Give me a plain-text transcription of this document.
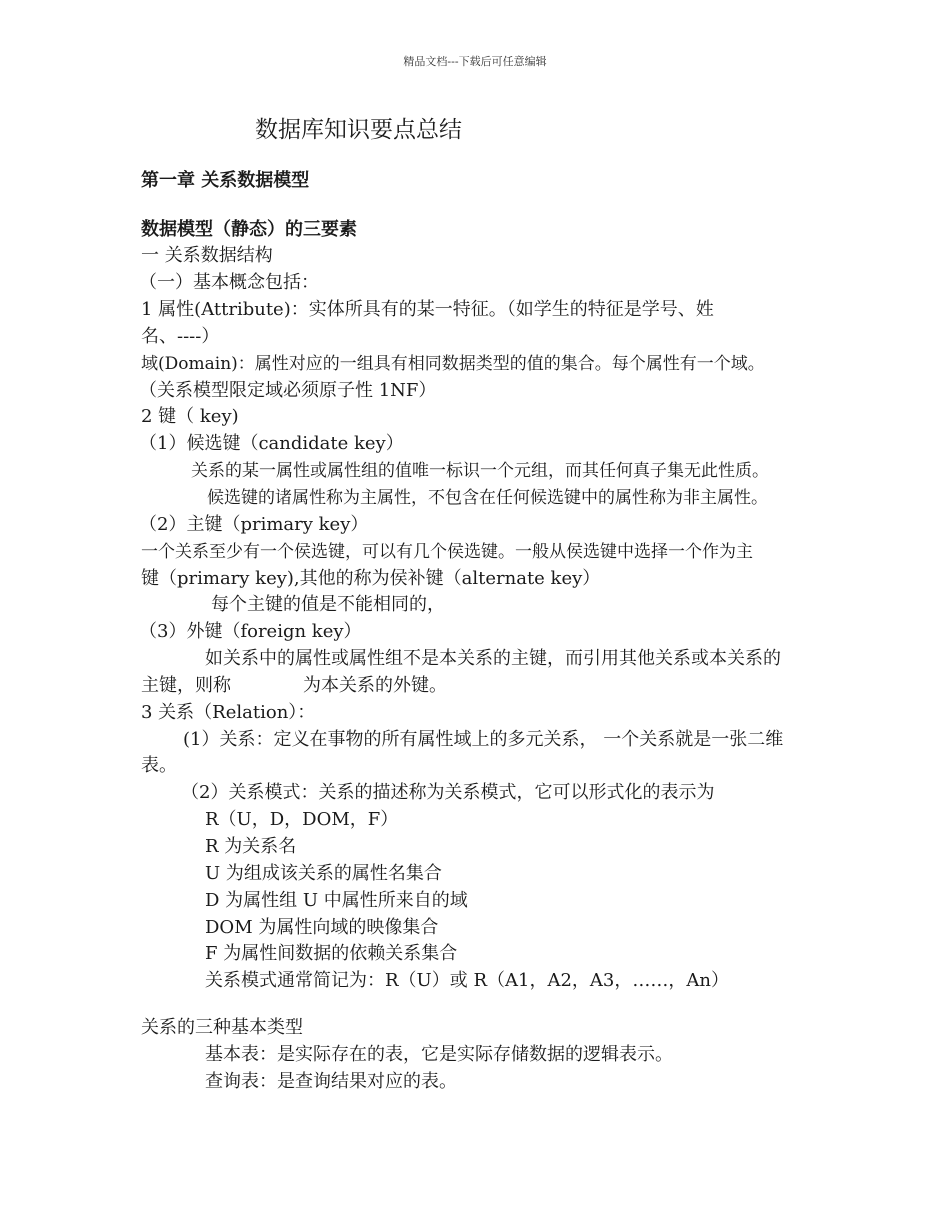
精品文档---下载后可任意编辑
数据库知识要点总结
第一章 关系数据模型
数据模型（静态）的三要素
一 关系数据结构
（一）基本概念包括：
1 属性(Attribute)：实体所具有的某一特征。（如学生的特征是学号、姓
名、----）
域(Domain)：属性对应的一组具有相同数据类型的值的集合。每个属性有一个域。
（关系模型限定域必须原子性 1NF）
2 键（ key)
（1）候选键（candidate key）
关系的某一属性或属性组的值唯一标识一个元组，而其任何真子集无此性质。
候选键的诸属性称为主属性，不包含在任何候选键中的属性称为非主属性。
（2）主键（primary key）
一个关系至少有一个侯选键，可以有几个侯选键。一般从侯选键中选择一个作为主
键（primary key),其他的称为侯补键（alternate key）
每个主键的值是不能相同的，
（3）外键（foreign key）
如关系中的属性或属性组不是本关系的主键，而引用其他关系或本关系的
主键，则称	为本关系的外键。
3 关系（Relation）：
(1）关系：定义在事物的所有属性域上的多元关系， 一个关系就是一张二维
表。
（2）关系模式：关系的描述称为关系模式，它可以形式化的表示为
R（U，D，DOM，F）
R 为关系名
U 为组成该关系的属性名集合
D 为属性组 U 中属性所来自的域
DOM 为属性向域的映像集合
F 为属性间数据的依赖关系集合
关系模式通常简记为：R（U）或 R（A1，A2，A3，……，An）
关系的三种基本类型
基本表：是实际存在的表，它是实际存储数据的逻辑表示。
查询表：是查询结果对应的表。
